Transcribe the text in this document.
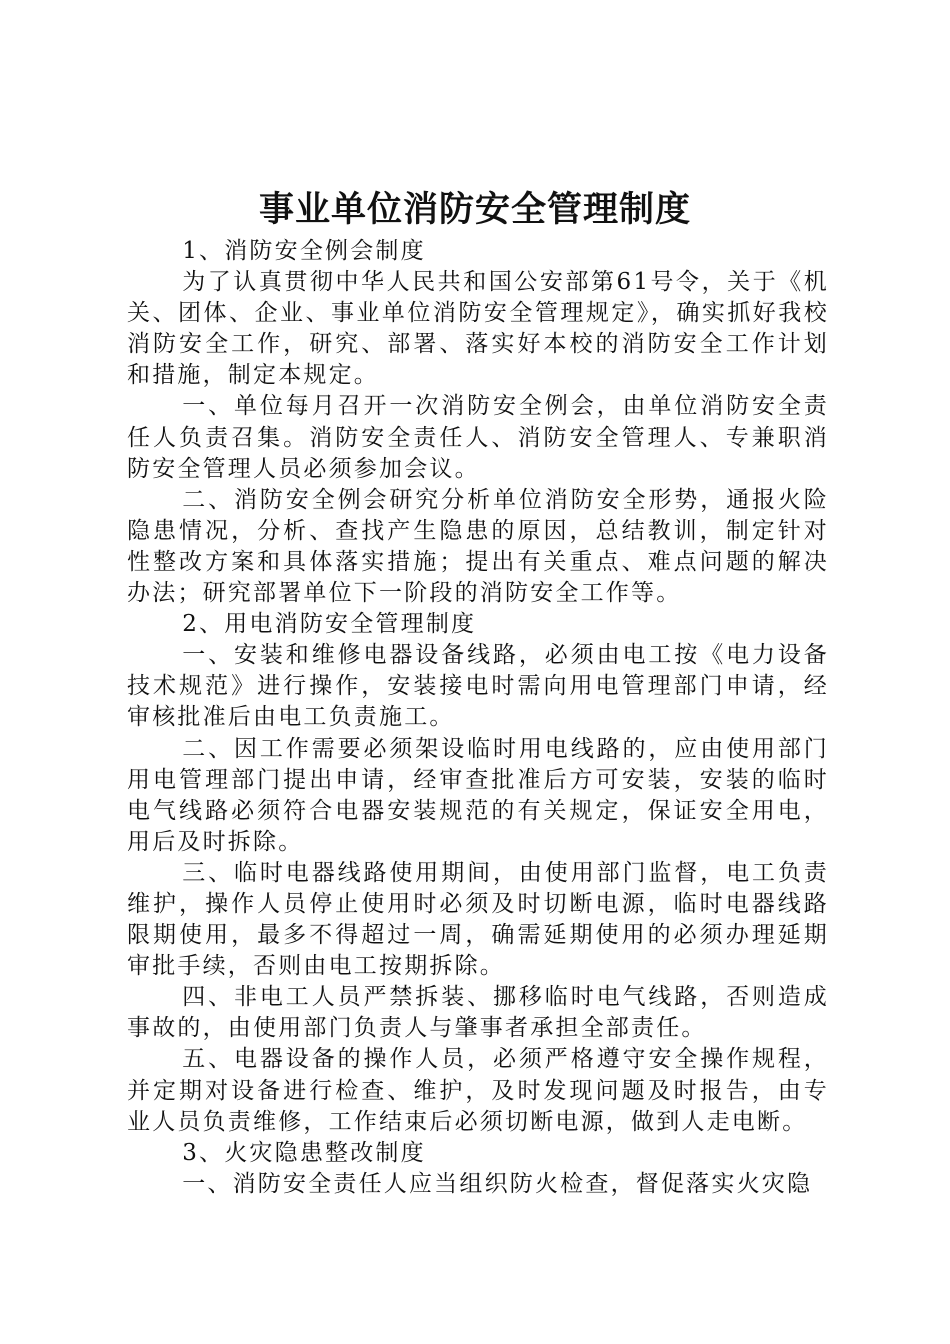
事业单位消防安全管理制度

1、消防安全例会制度

为了认真贯彻中华人民共和国公安部第61号令，关于《机关、团体、企业、事业单位消防安全管理规定》，确实抓好我校消防安全工作，研究、部署、落实好本校的消防安全工作计划和措施，制定本规定。

一、单位每月召开一次消防安全例会，由单位消防安全责任人负责召集。消防安全责任人、消防安全管理人、专兼职消防安全管理人员必须参加会议。

二、消防安全例会研究分析单位消防安全形势，通报火险隐患情况，分析、查找产生隐患的原因，总结教训，制定针对性整改方案和具体落实措施；提出有关重点、难点问题的解决办法；研究部署单位下一阶段的消防安全工作等。

2、用电消防安全管理制度

一、安装和维修电器设备线路，必须由电工按《电力设备技术规范》进行操作，安装接电时需向用电管理部门申请，经审核批准后由电工负责施工。

二、因工作需要必须架设临时用电线路的，应由使用部门用电管理部门提出申请，经审查批准后方可安装，安装的临时电气线路必须符合电器安装规范的有关规定，保证安全用电，用后及时拆除。

三、临时电器线路使用期间，由使用部门监督，电工负责维护，操作人员停止使用时必须及时切断电源，临时电器线路限期使用，最多不得超过一周，确需延期使用的必须办理延期审批手续，否则由电工按期拆除。

四、非电工人员严禁拆装、挪移临时电气线路，否则造成事故的，由使用部门负责人与肇事者承担全部责任。

五、电器设备的操作人员，必须严格遵守安全操作规程，并定期对设备进行检查、维护，及时发现问题及时报告，由专业人员负责维修，工作结束后必须切断电源，做到人走电断。

3、火灾隐患整改制度

一、消防安全责任人应当组织防火检查，督促落实火灾隐
